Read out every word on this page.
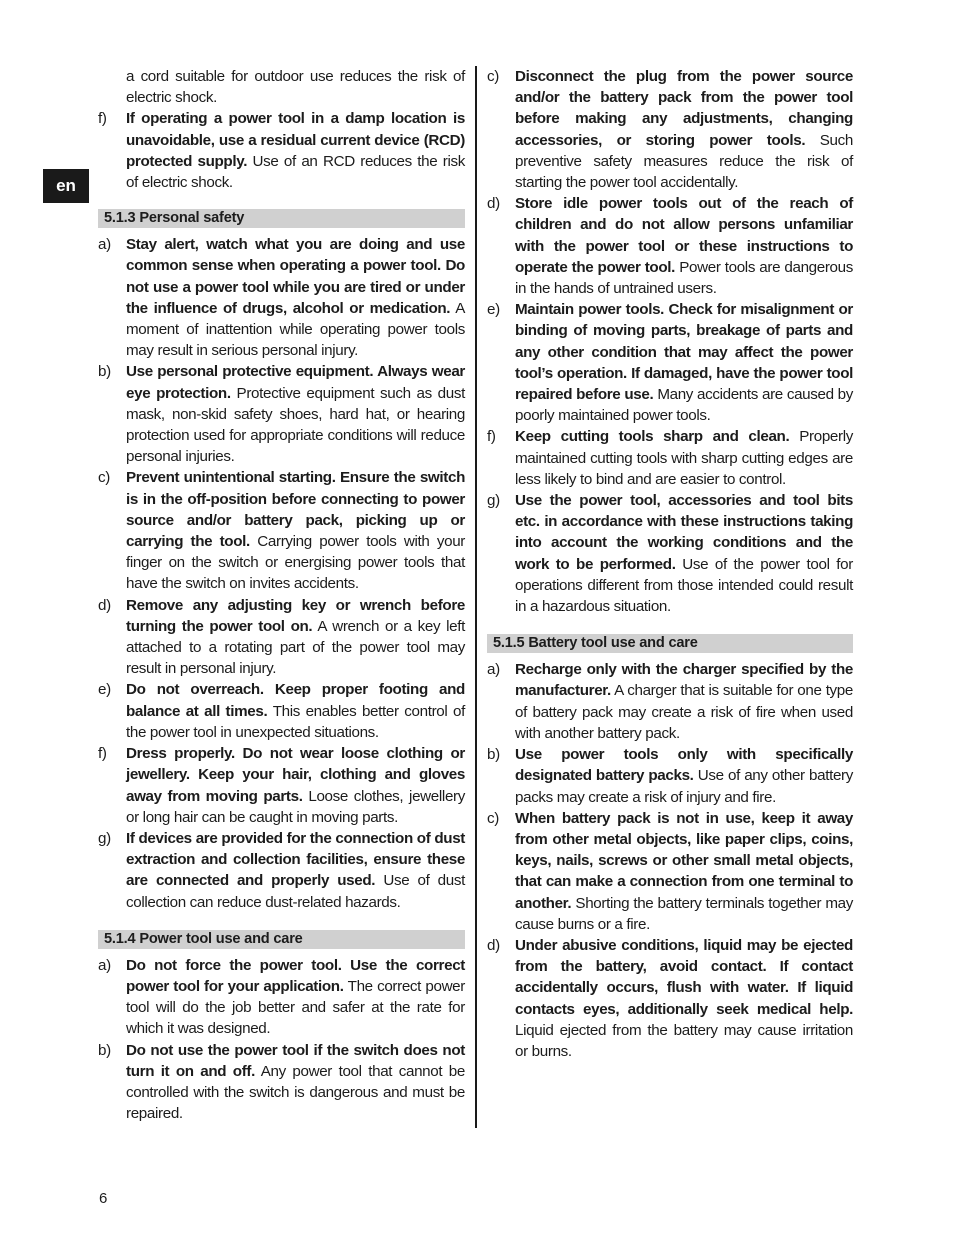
en
a cord suitable for outdoor use reduces the risk of electric shock.
f)	If operating a power tool in a damp location is unavoidable, use a residual current device (RCD) protected supply. Use of an RCD reduces the risk of electric shock.
5.1.3 Personal safety
a) Stay alert, watch what you are doing and use common sense when operating a power tool. Do not use a power tool while you are tired or under the influence of drugs, alcohol or medication. A moment of inattention while operating power tools may result in serious personal injury.
b) Use personal protective equipment. Always wear eye protection. Protective equipment such as dust mask, non-skid safety shoes, hard hat, or hearing protection used for appropriate conditions will reduce personal injuries.
c)	Prevent unintentional starting. Ensure the switch is in the off-position before connecting to power source and/or battery pack, picking up or carrying the tool. Carrying power tools with your finger on the switch or energising power tools that have the switch on invites accidents.
d) Remove any adjusting key or wrench before turning the power tool on. A wrench or a key left attached to a rotating part of the power tool may result in personal injury.
e) Do not overreach. Keep proper footing and balance at all times. This enables better control of the power tool in unexpected situations.
f)	Dress properly. Do not wear loose clothing or jewellery. Keep your hair, clothing and gloves away from moving parts. Loose clothes, jewellery or long hair can be caught in moving parts.
g) If devices are provided for the connection of dust extraction and collection facilities, ensure these are connected and properly used. Use of dust collection can reduce dust-related hazards.
5.1.4 Power tool use and care
a) Do not force the power tool. Use the correct power tool for your application. The correct power tool will do the job better and safer at the rate for which it was designed.
b) Do not use the power tool if the switch does not turn it on and off. Any power tool that cannot be controlled with the switch is dangerous and must be repaired.
c)	Disconnect the plug from the power source and/or the battery pack from the power tool before making any adjustments, changing accessories, or storing power tools. Such preventive safety measures reduce the risk of starting the power tool accidentally.
d) Store idle power tools out of the reach of children and do not allow persons unfamiliar with the power tool or these instructions to operate the power tool. Power tools are dangerous in the hands of untrained users.
e) Maintain power tools. Check for misalignment or binding of moving parts, breakage of parts and any other condition that may affect the power tool’s operation. If damaged, have the power tool repaired before use. Many accidents are caused by poorly maintained power tools.
f)	Keep cutting tools sharp and clean. Properly maintained cutting tools with sharp cutting edges are less likely to bind and are easier to control.
g) Use the power tool, accessories and tool bits etc. in accordance with these instructions taking into account the working conditions and the work to be performed. Use of the power tool for operations different from those intended could result in a hazardous situation.
5.1.5 Battery tool use and care
a) Recharge only with the charger specified by the manufacturer. A charger that is suitable for one type of battery pack may create a risk of fire when used with another battery pack.
b) Use power tools only with specifically designated battery packs. Use of any other battery packs may create a risk of injury and fire.
c)	When battery pack is not in use, keep it away from other metal objects, like paper clips, coins, keys, nails, screws or other small metal objects, that can make a connection from one terminal to another. Shorting the battery terminals together may cause burns or a fire.
d) Under abusive conditions, liquid may be ejected from the battery, avoid contact. If contact accidentally occurs, flush with water. If liquid contacts eyes, additionally seek medical help. Liquid ejected from the battery may cause irritation or burns.
6
